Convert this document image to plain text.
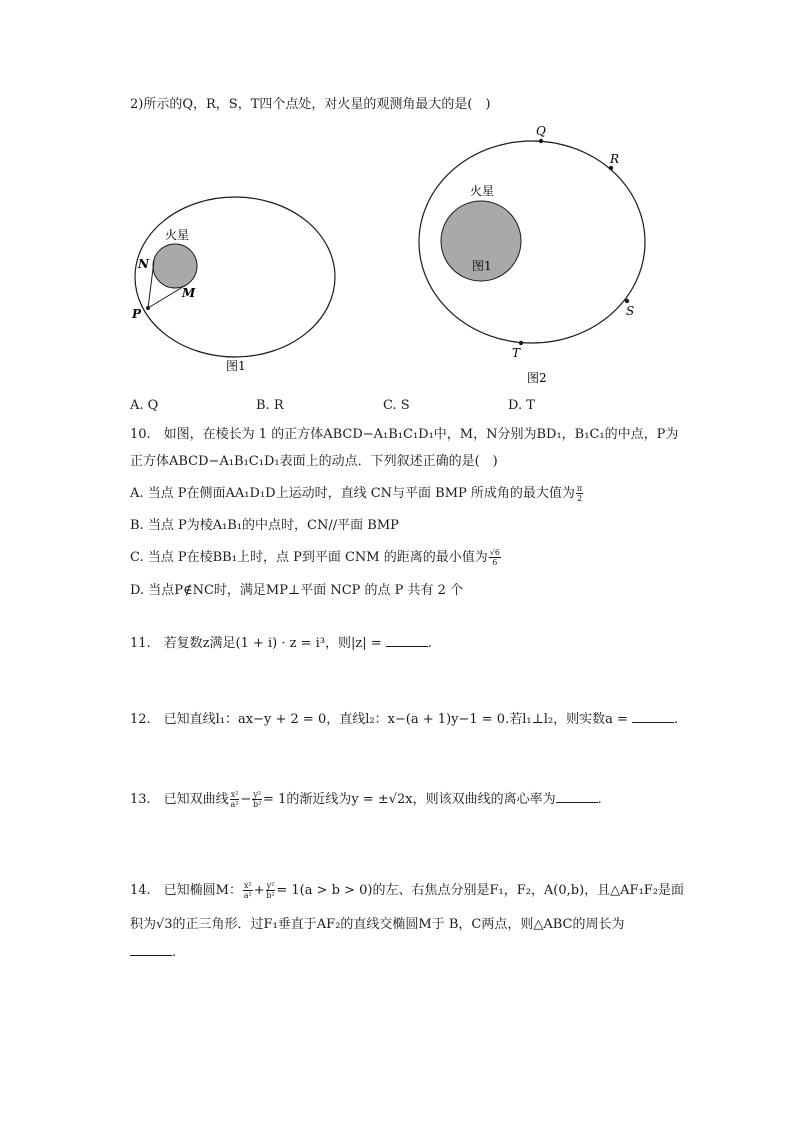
2)所示的Q，R，S，T四个点处，对火星的观测角最大的是(　)
火星
N
M
P
图1
火星
图1
Q
R
S
T
图2
A. Q	B. R	C. S	D. T
10.　如图，在棱长为 1 的正方体ABCD−A₁B₁C₁D₁中，M，N分别为BD₁，B₁C₁的中点，P为
正方体ABCD−A₁B₁C₁D₁表面上的动点．下列叙述正确的是(　)
A. 当点 P在侧面AA₁D₁D上运动时，直线 CN与平面 BMP 所成角的最大值为 $\frac{\pi}{2}$
B. 当点 P为棱A₁B₁的中点时，CN//平面 BMP
C. 当点 P在棱BB₁上时，点 P到平面 CNM 的距离的最小值为 $\frac{√6}{6}$
D. 当点P∉NC时，满足MP⊥平面 NCP 的点 P 共有 2 个
11.　若复数z满足(1 + i) · z = i³，则|z| =	.
12.　已知直线l₁：ax−y + 2 = 0，直线l₂：x−(a + 1)y−1 = 0.若l₁⊥l₂，则实数a =	.
13.　已知双曲线 $\frac{\text{x²}}{\text{a²}} - \frac{\text{y²}}{\text{b²}} = 1$的渐近线为y = ±√2x，则该双曲线的离心率为	.
14.　已知椭圆M： $\frac{\text{x²}}{\text{a²}} + \frac{\text{y²}}{\text{b²}} = 1(a > b > 0)$的左、右焦点分别是F₁，F₂，A(0,b)，且△AF₁F₂是面
积为√3的正三角形．过F₁垂直于AF₂的直线交椭圆M于 B，C两点，则△ABC的周长为
.
